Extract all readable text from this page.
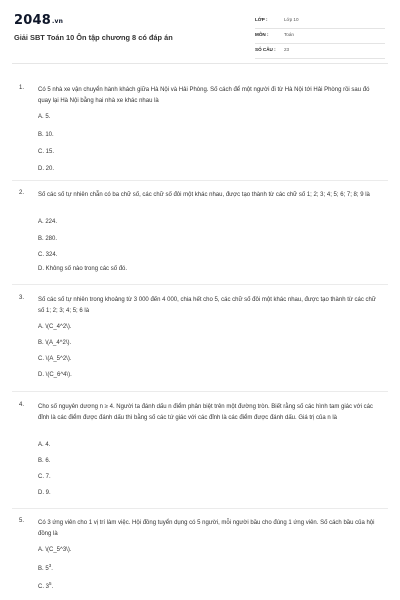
2048.vn
Giải SBT Toán 10 Ôn tập chương 8 có đáp án
LỚP :	Lớp 10
MÔN :	Toán
SỐ CÂU : 23
1. Có 5 nhà xe vận chuyển hành khách giữa Hà Nội và Hải Phòng. Số cách để một người đi từ Hà Nội tới Hải Phòng rồi sau đó quay lại Hà Nội bằng hai nhà xe khác nhau là
A. 5.
B. 10.
C. 15.
D. 20.
2. Số các số tự nhiên chẵn có ba chữ số, các chữ số đôi một khác nhau, được tạo thành từ các chữ số 1; 2; 3; 4; 5; 6; 7; 8; 9 là
A. 224.
B. 280.
C. 324.
D. Không số nào trong các số đó.
3. Số các số tự nhiên trong khoảng từ 3 000 đến 4 000, chia hết cho 5, các chữ số đôi một khác nhau, được tạo thành từ các chữ số 1; 2; 3; 4; 5; 6 là
A. \(C_4^2\).
B. \(A_4^2\).
C. \(A_5^2\).
D. \(C_6^4\).
4. Cho số nguyên dương n ≥ 4. Người ta đánh dấu n điểm phân biệt trên một đường tròn. Biết rằng số các hình tam giác với các đỉnh là các điểm được đánh dấu thì bằng số các tứ giác với các đỉnh là các điểm được đánh dấu. Giá trị của n là
A. 4.
B. 6.
C. 7.
D. 9.
5. Có 3 ứng viên cho 1 vị trí làm việc. Hội đồng tuyển dụng có 5 người, mỗi người bầu cho đúng 1 ứng viên. Số cách bầu của hội đồng là
A. \(C_5^3\).
B. $5^3$.
C. $3^5$.
